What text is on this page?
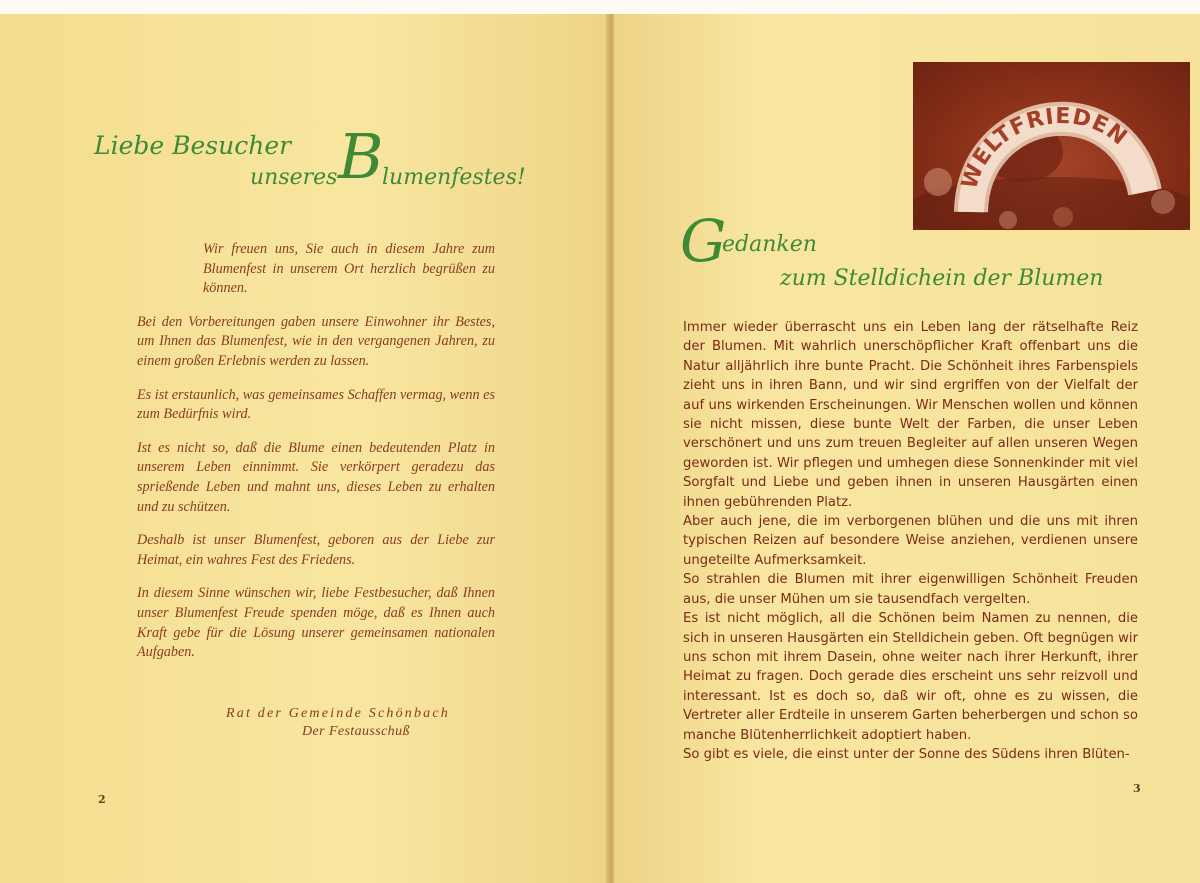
Liebe Besucher
unseres B
lumenfestes!

Wir freuen uns, Sie auch in diesem Jahre zum Blumenfest in unserem Ort herzlich begrüßen zu können.

Bei den Vorbereitungen gaben unsere Einwohner ihr Bestes, um Ihnen das Blumenfest, wie in den vergangenen Jahren, zu einem großen Erlebnis werden zu lassen.

Es ist erstaunlich, was gemeinsames Schaffen vermag, wenn es zum Bedürfnis wird.

Ist es nicht so, daß die Blume einen bedeutenden Platz in unserem Leben einnimmt. Sie verkörpert geradezu das sprießende Leben und mahnt uns, dieses Leben zu erhalten und zu schützen.

Deshalb ist unser Blumenfest, geboren aus der Liebe zur Heimat, ein wahres Fest des Friedens.

In diesem Sinne wünschen wir, liebe Festbesucher, daß Ihnen unser Blumenfest Freude spenden möge, daß es Ihnen auch Kraft gebe für die Lösung unserer gemeinsamen nationalen Aufgaben.

Rat der Gemeinde Schönbach
Der Festausschuß
2
WELTFRIEDEN
G
edanken
zum Stelldichein der Blumen

Immer wieder überrascht uns ein Leben lang der rätselhafte Reiz der Blumen. Mit wahrlich unerschöpflicher Kraft offenbart uns die Natur alljährlich ihre bunte Pracht. Die Schönheit ihres Farbenspiels zieht uns in ihren Bann, und wir sind ergriffen von der Vielfalt der auf uns wirkenden Erscheinungen. Wir Menschen wollen und können sie nicht missen, diese bunte Welt der Farben, die unser Leben verschönert und uns zum treuen Begleiter auf allen unseren Wegen geworden ist. Wir pflegen und umhegen diese Sonnenkinder mit viel Sorgfalt und Liebe und geben ihnen in unseren Hausgärten einen ihnen gebührenden Platz.

Aber auch jene, die im verborgenen blühen und die uns mit ihren typischen Reizen auf besondere Weise anziehen, verdienen unsere ungeteilte Aufmerksamkeit.

So strahlen die Blumen mit ihrer eigenwilligen Schönheit Freuden aus, die unser Mühen um sie tausendfach vergelten.

Es ist nicht möglich, all die Schönen beim Namen zu nennen, die sich in unseren Hausgärten ein Stelldichein geben. Oft begnügen wir uns schon mit ihrem Dasein, ohne weiter nach ihrer Herkunft, ihrer Heimat zu fragen. Doch gerade dies erscheint uns sehr reizvoll und interessant. Ist es doch so, daß wir oft, ohne es zu wissen, die Vertreter aller Erdteile in unserem Garten beherbergen und schon so manche Blütenherrlichkeit adoptiert haben.

So gibt es viele, die einst unter der Sonne des Südens ihren Blüten-

3
